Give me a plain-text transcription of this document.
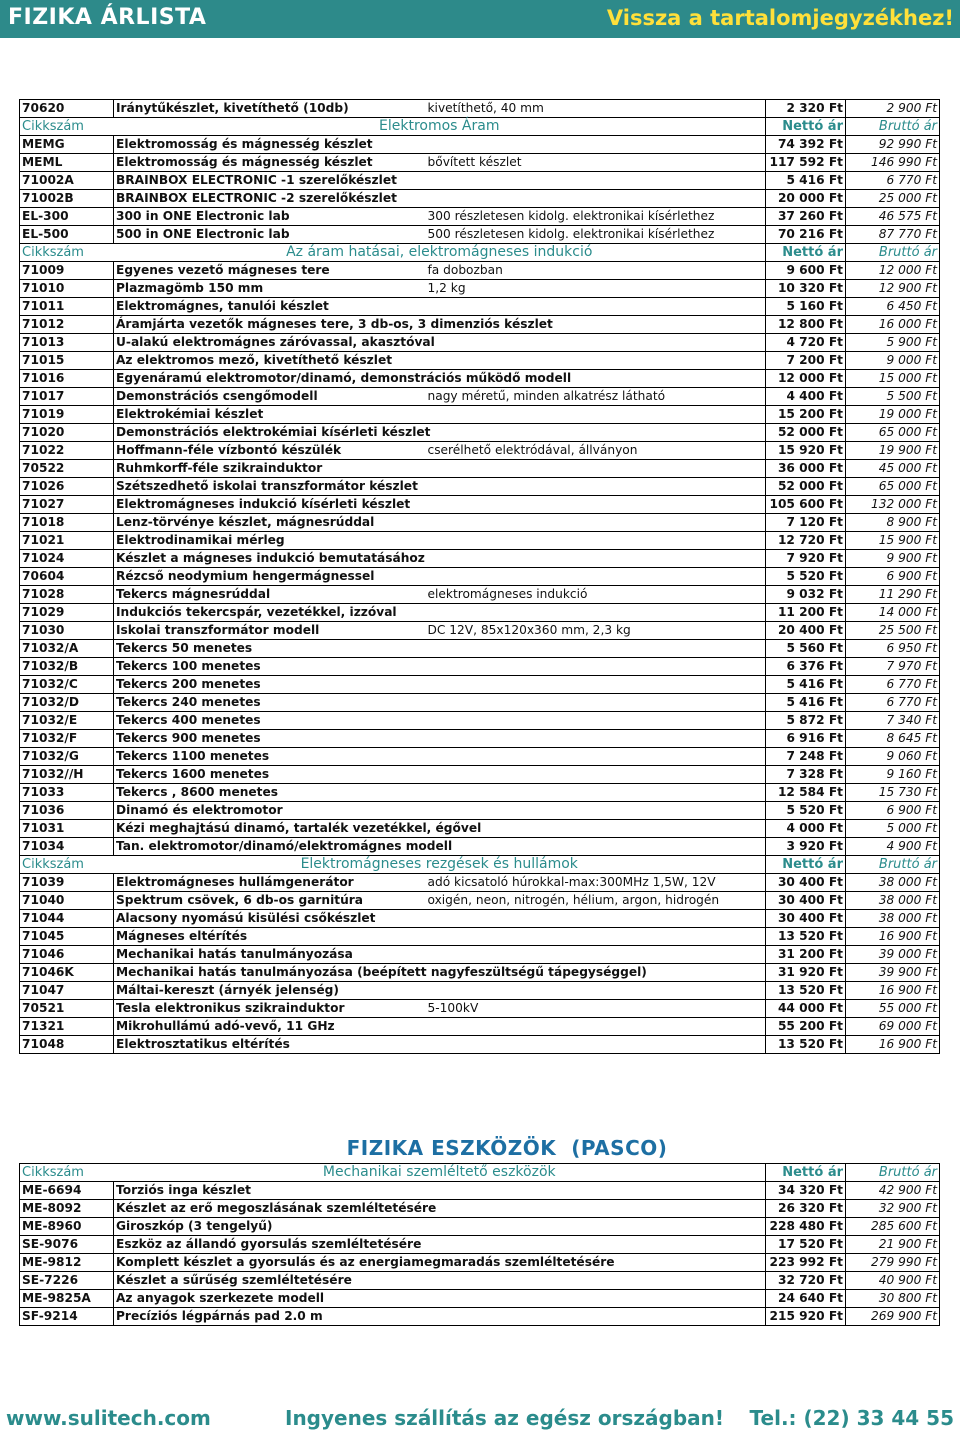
FIZIKA ÁRLISTA	Vissza a tartalomjegyzékhez!
70620	Iránytűkészlet, kivetíthető (10db)	kivetíthető, 40 mm	2 320 Ft	2 900 Ft
Cikkszám	Elektromos Áram		Nettó ár	Bruttó ár
MEMG	Elektromosság és mágnesség készlet		74 392 Ft	92 990 Ft
MEML	Elektromosság és mágnesség készlet	bővített készlet	117 592 Ft	146 990 Ft
71002A	BRAINBOX ELECTRONIC -1 szerelőkészlet		5 416 Ft	6 770 Ft
71002B	BRAINBOX ELECTRONIC -2 szerelőkészlet		20 000 Ft	25 000 Ft
EL-300	300 in ONE Electronic lab	300 részletesen kidolg. elektronikai kísérlethez	37 260 Ft	46 575 Ft
EL-500	500 in ONE Electronic lab	500 részletesen kidolg. elektronikai kísérlethez	70 216 Ft	87 770 Ft
Cikkszám	Az áram hatásai, elektromágneses indukció		Nettó ár	Bruttó ár
71009	Egyenes vezető mágneses tere	fa dobozban	9 600 Ft	12 000 Ft
71010	Plazmagömb 150 mm	1,2 kg	10 320 Ft	12 900 Ft
71011	Elektromágnes, tanulói készlet		5 160 Ft	6 450 Ft
71012	Áramjárta vezetők mágneses tere, 3 db-os, 3 dimenziós készlet		12 800 Ft	16 000 Ft
71013	U-alakú elektromágnes záróvassal, akasztóval		4 720 Ft	5 900 Ft
71015	Az elektromos mező, kivetíthető készlet		7 200 Ft	9 000 Ft
71016	Egyenáramú elektromotor/dinamó, demonstrációs működő modell		12 000 Ft	15 000 Ft
71017	Demonstrációs csengőmodell	nagy méretű, minden alkatrész látható	4 400 Ft	5 500 Ft
71019	Elektrokémiai készlet		15 200 Ft	19 000 Ft
71020	Demonstrációs elektrokémiai kísérleti készlet		52 000 Ft	65 000 Ft
71022	Hoffmann-féle vízbontó készülék	cserélhető elektródával, állványon	15 920 Ft	19 900 Ft
70522	Ruhmkorff-féle szikrainduktor		36 000 Ft	45 000 Ft
71026	Szétszedhető iskolai transzformátor készlet		52 000 Ft	65 000 Ft
71027	Elektromágneses indukció kísérleti készlet		105 600 Ft	132 000 Ft
71018	Lenz-törvénye készlet, mágnesrúddal		7 120 Ft	8 900 Ft
71021	Elektrodinamikai mérleg		12 720 Ft	15 900 Ft
71024	Készlet a mágneses indukció bemutatásához		7 920 Ft	9 900 Ft
70604	Rézcső neodymium hengermágnessel		5 520 Ft	6 900 Ft
71028	Tekercs mágnesrúddal	elektromágneses indukció	9 032 Ft	11 290 Ft
71029	Indukciós tekercspár, vezetékkel, izzóval		11 200 Ft	14 000 Ft
71030	Iskolai transzformátor modell	DC 12V, 85x120x360 mm, 2,3 kg	20 400 Ft	25 500 Ft
71032/A	Tekercs 50 menetes		5 560 Ft	6 950 Ft
71032/B	Tekercs 100 menetes		6 376 Ft	7 970 Ft
71032/C	Tekercs 200 menetes		5 416 Ft	6 770 Ft
71032/D	Tekercs 240 menetes		5 416 Ft	6 770 Ft
71032/E	Tekercs 400 menetes		5 872 Ft	7 340 Ft
71032/F	Tekercs 900 menetes		6 916 Ft	8 645 Ft
71032/G	Tekercs 1100 menetes		7 248 Ft	9 060 Ft
71032//H	Tekercs 1600 menetes		7 328 Ft	9 160 Ft
71033	Tekercs , 8600 menetes		12 584 Ft	15 730 Ft
71036	Dinamó és elektromotor		5 520 Ft	6 900 Ft
71031	Kézi meghajtású dinamó, tartalék vezetékkel, égővel		4 000 Ft	5 000 Ft
71034	Tan. elektromotor/dinamó/elektromágnes modell		3 920 Ft	4 900 Ft
Cikkszám	Elektromágneses rezgések és hullámok		Nettó ár	Bruttó ár
71039	Elektromágneses hullámgenerátor	adó kicsatoló húrokkal-max:300MHz 1,5W, 12V	30 400 Ft	38 000 Ft
71040	Spektrum csövek, 6 db-os garnitúra	oxigén, neon, nitrogén, hélium, argon, hidrogén	30 400 Ft	38 000 Ft
71044	Alacsony nyomású kisülési csőkészlet		30 400 Ft	38 000 Ft
71045	Mágneses eltérítés		13 520 Ft	16 900 Ft
71046	Mechanikai hatás tanulmányozása		31 200 Ft	39 000 Ft
71046K	Mechanikai hatás tanulmányozása (beépített nagyfeszültségű tápegységgel)		31 920 Ft	39 900 Ft
71047	Máltai-kereszt (árnyék jelenség)		13 520 Ft	16 900 Ft
70521	Tesla elektronikus szikrainduktor	5-100kV	44 000 Ft	55 000 Ft
71321	Mikrohullámú adó-vevő, 11 GHz		55 200 Ft	69 000 Ft
71048	Elektrosztatikus eltérítés		13 520 Ft	16 900 Ft
FIZIKA ESZKÖZÖK (PASCO)
Cikkszám	Mechanikai szemléltető eszközök		Nettó ár	Bruttó ár
ME-6694	Torziós inga készlet		34 320 Ft	42 900 Ft
ME-8092	Készlet az erő megoszlásának szemléltetésére		26 320 Ft	32 900 Ft
ME-8960	Giroszkóp (3 tengelyű)		228 480 Ft	285 600 Ft
SE-9076	Eszköz az állandó gyorsulás szemléltetésére		17 520 Ft	21 900 Ft
ME-9812	Komplett készlet a gyorsulás és az energiamegmaradás szemléltetésére		223 992 Ft	279 990 Ft
SE-7226	Készlet a sűrűség szemléltetésére		32 720 Ft	40 900 Ft
ME-9825A	Az anyagok szerkezete modell		24 640 Ft	30 800 Ft
SF-9214	Precíziós légpárnás pad 2.0 m		215 920 Ft	269 900 Ft
www.sulitech.com	Ingyenes szállítás az egész országban! Tel.: (22) 33 44 55
